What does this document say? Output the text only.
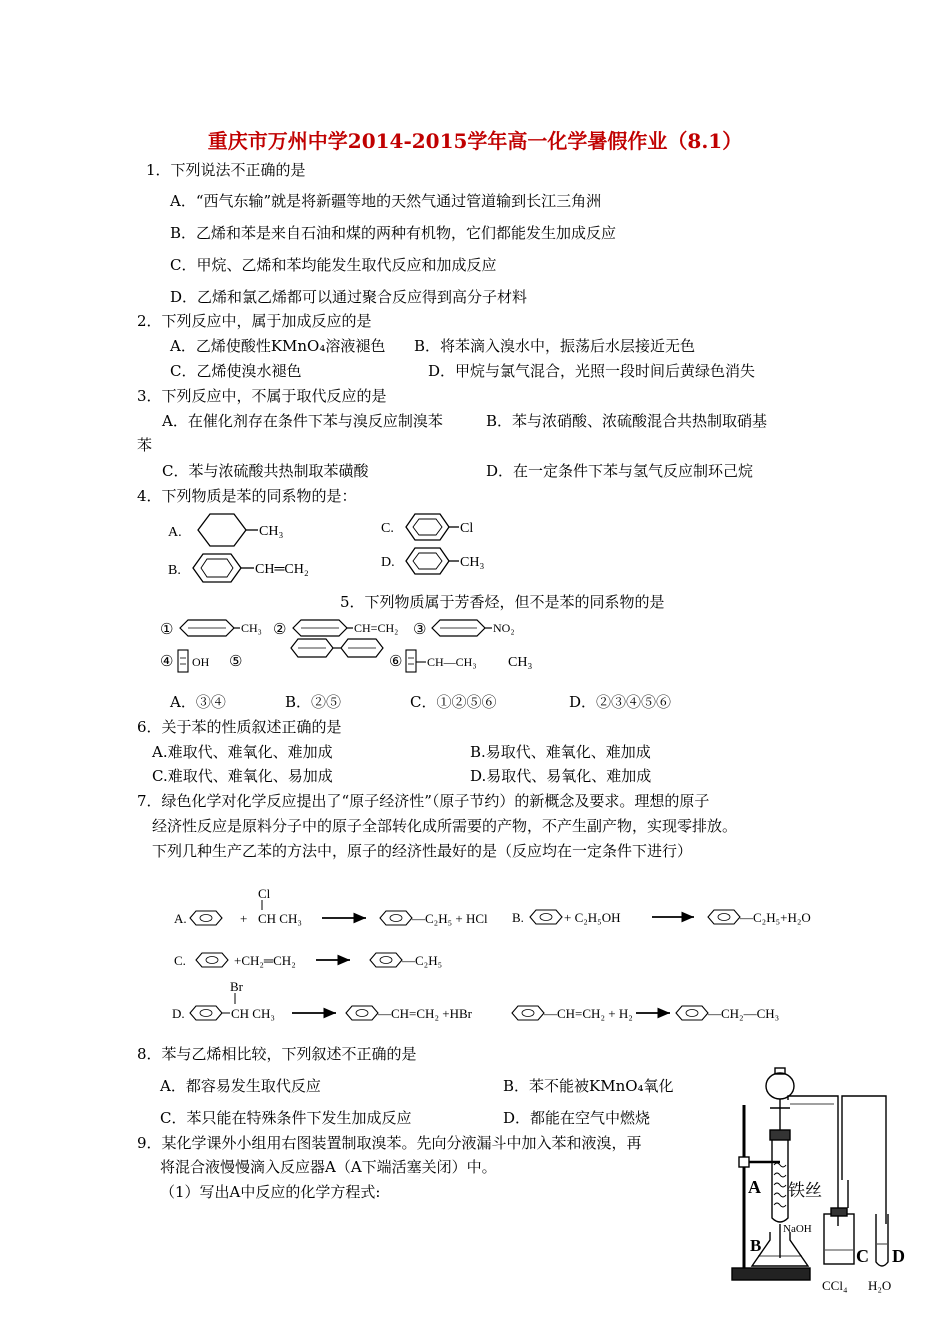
重庆市万州中学2014-2015学年高一化学暑假作业（8.1）
1．下列说法不正确的是
A．“西气东输”就是将新疆等地的天然气通过管道输到长江三角洲
B．乙烯和苯是来自石油和煤的两种有机物，它们都能发生加成反应
C．甲烷、乙烯和苯均能发生取代反应和加成反应
D．乙烯和氯乙烯都可以通过聚合反应得到高分子材料
2．下列反应中，属于加成反应的是
A．乙烯使酸性KMnO₄溶液褪色 B．将苯滴入溴水中，振荡后水层接近无色
C．乙烯使溴水褪色	D．甲烷与氯气混合，光照一段时间后黄绿色消失
3．下列反应中，不属于取代反应的是
A．在催化剂存在条件下苯与溴反应制溴苯	B．苯与浓硝酸、浓硫酸混合共热制取硝基
苯
C．苯与浓硫酸共热制取苯磺酸	D．在一定条件下苯与氢气反应制环己烷
4．下列物质是苯的同系物的是：
A.	CH₃
B.	CH═CH₂
C.	Cl
D.	CH₃
5．下列物质属于芳香烃，但不是苯的同系物的是
①	CH₃ ②	CH=CH₂ ③	NO₂
④ OH ⑤	⑥ CH—CH₃ CH₃
A．③④	B．②⑤	C．①②⑤⑥	D．②③④⑤⑥
6．关于苯的性质叙述正确的是
A.难取代、难氧化、难加成	B.易取代、难氧化、难加成
C.难取代、难氧化、易加成	D.易取代、易氧化、难加成
7．绿色化学对化学反应提出了“原子经济性”（原子节约）的新概念及要求。理想的原子
经济性反应是原料分子中的原子全部转化成所需要的产物，不产生副产物，实现零排放。
下列几种生产乙苯的方法中，原子的经济性最好的是（反应均在一定条件下进行）
A.	+
Cl
CH CH₃	—C₂H₅ + HCl B.	+ C₂H₅OH	—C₂H₅+H₂O
C.	+CH₂═CH₂	—C₂H₅
D.
Br
CH CH₃	—CH=CH₂ +HBr	—CH=CH₂ + H₂	—CH₂—CH₃
8．苯与乙烯相比较，下列叙述不正确的是
A．都容易发生取代反应	B．苯不能被KMnO₄氧化
C．苯只能在特殊条件下发生加成反应	D．都能在空气中燃烧
9．某化学课外小组用右图装置制取溴苯。先向分液漏斗中加入苯和液溴，再
将混合液慢慢滴入反应器A（A下端活塞关闭）中。
（1）写出A中反应的化学方程式:	A 铁丝
NaOH
B
C D
CCl₄ H₂O
